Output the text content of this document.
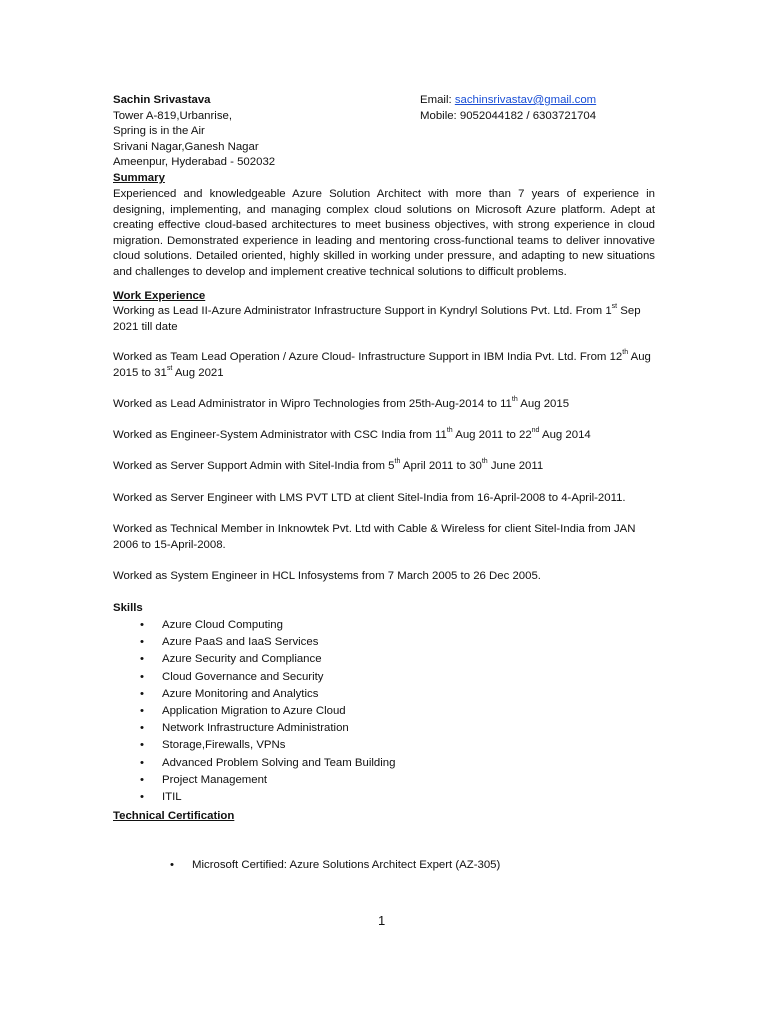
Sachin Srivastava
Tower A-819,Urbanrise,
Spring is in the Air
Srivani Nagar,Ganesh Nagar
Ameenpur, Hyderabad - 502032
Email: sachinsrivastav@gmail.com
Mobile: 9052044182 / 6303721704
Summary
Experienced and knowledgeable Azure Solution Architect with more than 7 years of experience in designing, implementing, and managing complex cloud solutions on Microsoft Azure platform. Adept at creating effective cloud-based architectures to meet business objectives, with strong experience in cloud migration. Demonstrated experience in leading and mentoring cross-functional teams to deliver innovative cloud solutions. Detailed oriented, highly skilled in working under pressure, and adapting to new situations and challenges to develop and implement creative technical solutions to difficult problems.
Work Experience
Working as Lead II-Azure Administrator Infrastructure Support in Kyndryl Solutions Pvt. Ltd. From 1st Sep 2021 till date
Worked as Team Lead Operation / Azure Cloud- Infrastructure Support in IBM India Pvt. Ltd. From 12th Aug 2015 to 31st Aug 2021
Worked as Lead Administrator in Wipro Technologies from 25th-Aug-2014 to 11th Aug 2015
Worked as Engineer-System Administrator with CSC India from 11th Aug 2011 to 22nd Aug 2014
Worked as Server Support Admin with Sitel-India from 5th April 2011 to 30th June 2011
Worked as Server Engineer with LMS PVT LTD at client Sitel-India from 16-April-2008 to 4-April-2011.
Worked as Technical Member in Inknowtek Pvt. Ltd with Cable & Wireless for client Sitel-India from JAN 2006 to 15-April-2008.
Worked as System Engineer in HCL Infosystems from 7 March 2005 to 26 Dec 2005.
Skills
• Azure Cloud Computing
• Azure PaaS and IaaS Services
• Azure Security and Compliance
• Cloud Governance and Security
• Azure Monitoring and Analytics
• Application Migration to Azure Cloud
• Network Infrastructure Administration
• Storage,Firewalls, VPNs
• Advanced Problem Solving and Team Building
• Project Management
• ITIL
Technical Certification
• Microsoft Certified: Azure Solutions Architect Expert (AZ-305)
1
